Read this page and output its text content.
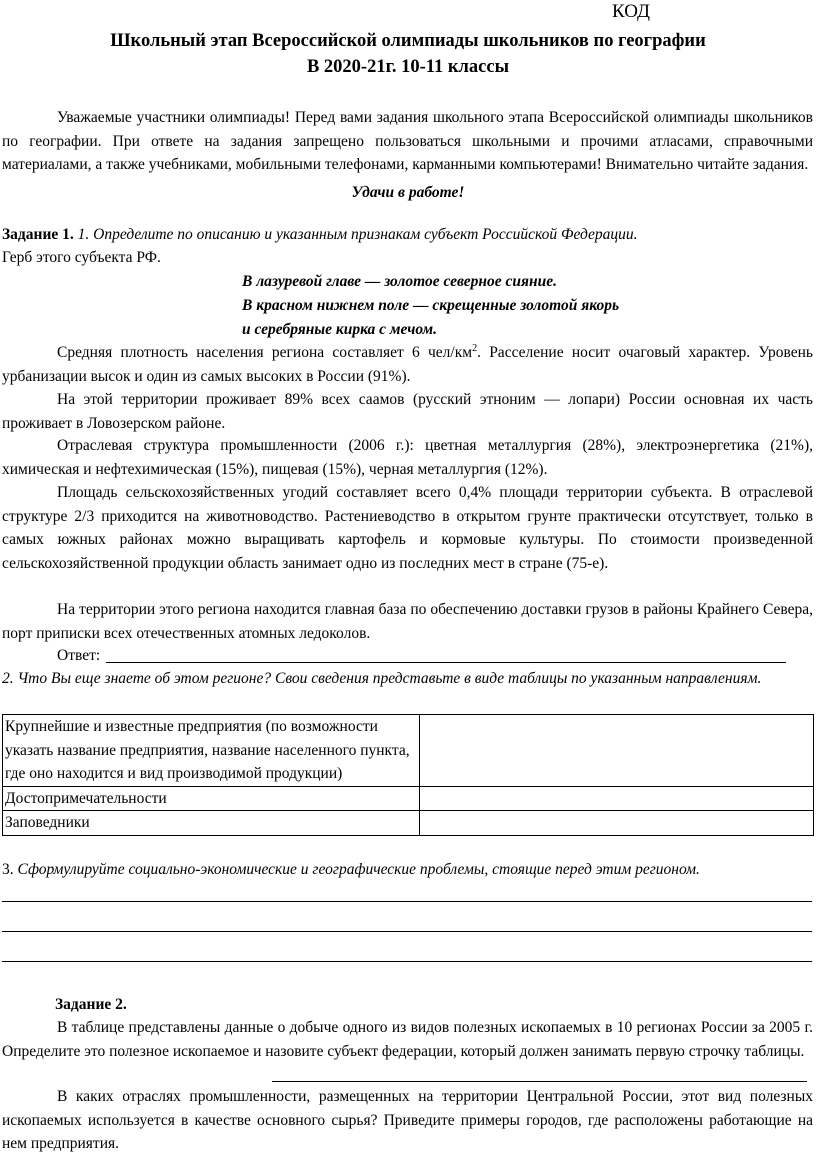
КОД
Школьный этап Всероссийской олимпиады школьников по географии
В 2020-21г. 10-11 классы
Уважаемые участники олимпиады! Перед вами задания школьного этапа Всероссийской олимпиады школьников по географии. При ответе на задания запрещено пользоваться школьными и прочими атласами, справочными материалами, а также учебниками, мобильными телефонами, карманными компьютерами! Внимательно читайте задания.
Удачи в работе!
Задание 1. 1. Определите по описанию и указанным признакам субъект Российской Федерации.
Герб этого субъекта РФ.
В лазуревой главе — золотое северное сияние.
В красном нижнем поле — скрещенные золотой якорь
и серебряные кирка с мечом.
Средняя плотность населения региона составляет 6 чел/$км^2$. Расселение носит очаговый характер. Уровень урбанизации высок и один из самых высоких в России (91%).
На этой территории проживает 89% всех саамов (русский этноним — лопари) России основная их часть проживает в Ловозерском районе.
Отраслевая структура промышленности (2006 г.): цветная металлургия (28%), электроэнергетика (21%), химическая и нефтехимическая (15%), пищевая (15%), черная металлургия (12%).
Площадь сельскохозяйственных угодий составляет всего 0,4% площади территории субъекта. В отраслевой структуре 2/3 приходится на животноводство. Растениеводство в открытом грунте практически отсутствует, только в самых южных районах можно выращивать картофель и кормовые культуры. По стоимости произведенной сельскохозяйственной продукции область занимает одно из последних мест в стране (75-е).
На территории этого региона находится главная база по обеспечению доставки грузов в районы Крайнего Севера, порт приписки всех отечественных атомных ледоколов.
Ответ:
2. Что Вы еще знаете об этом регионе? Свои сведения представьте в виде таблицы по указанным направлениям.
Крупнейшие и известные предприятия (по возможности указать название предприятия, название населенного пункта, где оно находится и вид производимой продукции)	
Достопримечательности	
Заповедники	
3. Сформулируйте социально-экономические и географические проблемы, стоящие перед этим регионом.
Задание 2.
В таблице представлены данные о добыче одного из видов полезных ископаемых в 10 регионах России за 2005 г. Определите это полезное ископаемое и назовите субъект федерации, который должен занимать первую строчку таблицы.
В каких отраслях промышленности, размещенных на территории Центральной России, этот вид полезных ископаемых используется в качестве основного сырья? Приведите примеры городов, где расположены работающие на нем предприятия.
